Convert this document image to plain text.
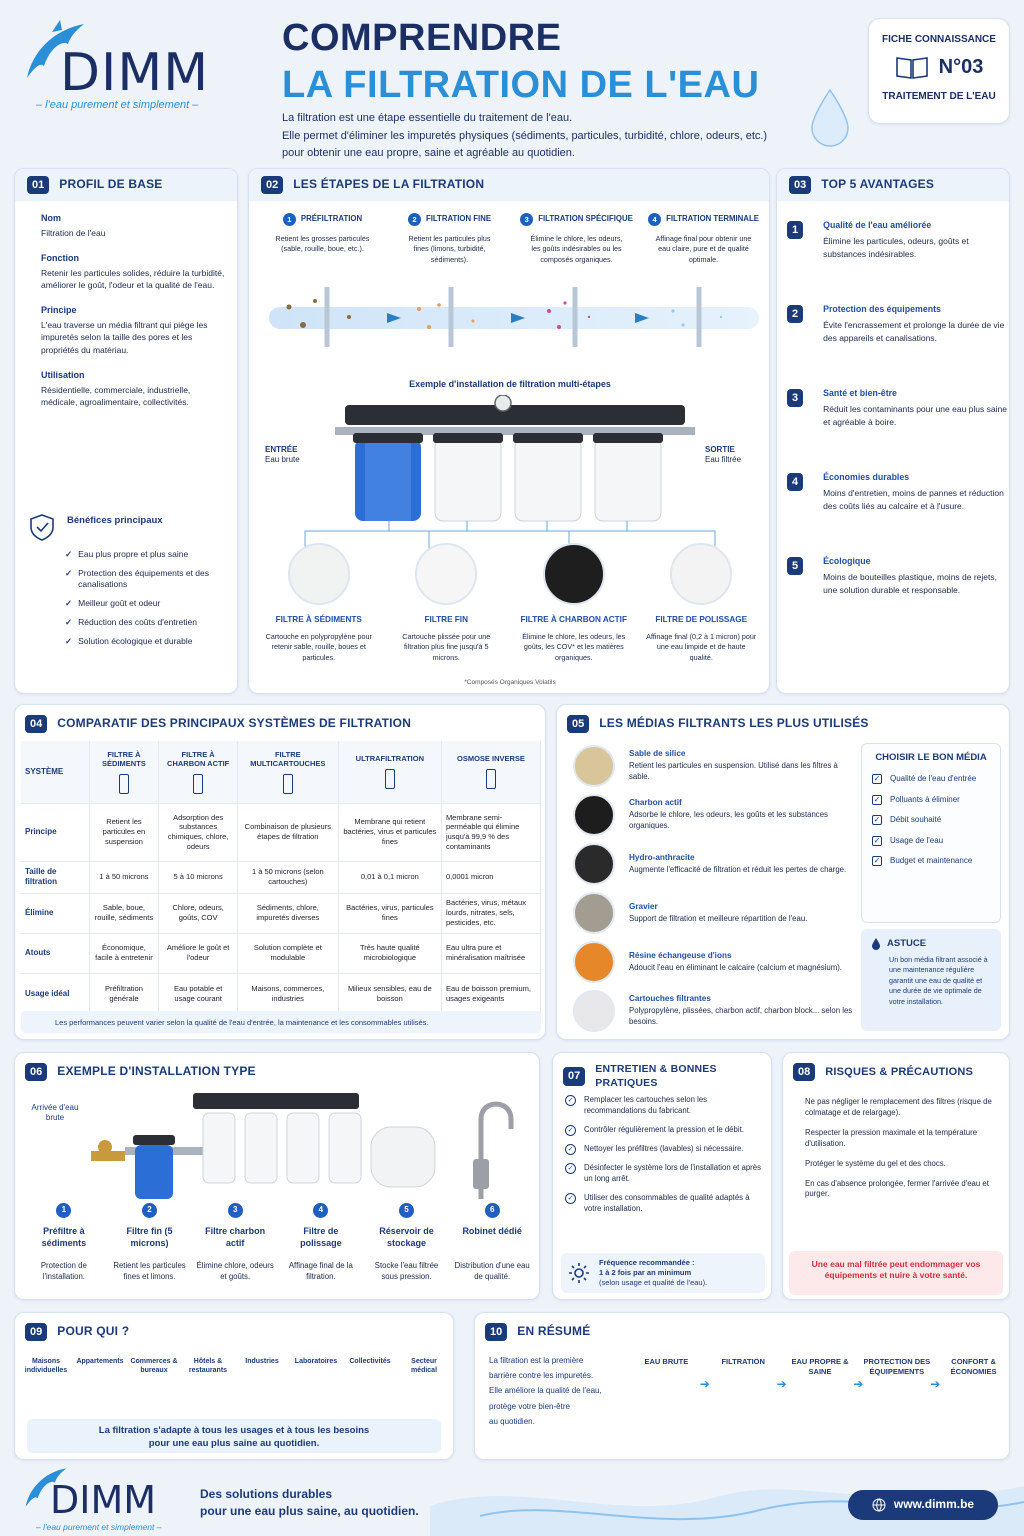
DIMM
– l'eau purement et simplement –
COMPRENDRE
LA FILTRATION DE L'EAU
La filtration est une étape essentielle du traitement de l'eau.
Elle permet d'éliminer les impuretés physiques (sédiments, particules, turbidité, chlore, odeurs, etc.)
pour obtenir une eau propre, saine et agréable au quotidien.
FICHE CONNAISSANCE
N°03
TRAITEMENT DE L'EAU
01	PROFIL DE BASE
Nom
Filtration de l'eau
Fonction
Retenir les particules solides, réduire la turbidité, améliorer le goût, l'odeur et la qualité de l'eau.
Principe
L'eau traverse un média filtrant qui piège les impuretés selon la taille des pores et les propriétés du matériau.
Utilisation
Résidentielle, commerciale, industrielle, médicale, agroalimentaire, collectivités.
Bénéfices principaux
✓ Eau plus propre et plus saine
✓ Protection des équipements et des canalisations
✓ Meilleur goût et odeur
✓ Réduction des coûts d'entretien
✓ Solution écologique et durable
02	LES ÉTAPES DE LA FILTRATION
1	PRÉFILTRATION
Retient les grosses particules (sable, rouille, boue, etc.).
2	FILTRATION FINE
Retient les particules plus fines (limons, turbidité, sédiments).
3	FILTRATION SPÉCIFIQUE
Élimine le chlore, les odeurs, les goûts indésirables ou les composés organiques.
4	FILTRATION TERMINALE
Affinage final pour obtenir une eau claire, pure et de qualité optimale.
Exemple d'installation de filtration multi-étapes
ENTRÉE
Eau brute
SORTIE
Eau filtrée
FILTRE À SÉDIMENTS
Cartouche en polypropylène pour retenir sable, rouille, boues et particules.
FILTRE FIN
Cartouche plissée pour une filtration plus fine jusqu'à 5 microns.
FILTRE À CHARBON ACTIF
Élimine le chlore, les odeurs, les goûts, les COV* et les matières organiques.
FILTRE DE POLISSAGE
Affinage final (0,2 à 1 micron) pour une eau limpide et de haute qualité.
*Composés Organiques Volatils
03	TOP 5 AVANTAGES
1	Qualité de l'eau améliorée
Élimine les particules, odeurs, goûts et substances indésirables.
2	Protection des équipements
Évite l'encrassement et prolonge la durée de vie des appareils et canalisations.
3	Santé et bien-être
Réduit les contaminants pour une eau plus saine et agréable à boire.
4	Économies durables
Moins d'entretien, moins de pannes et réduction des coûts liés au calcaire et à l'usure.
5	Écologique
Moins de bouteilles plastique, moins de rejets, une solution durable et responsable.
04	COMPARATIF DES PRINCIPAUX SYSTÈMES DE FILTRATION
SYSTÈME	FILTRE À SÉDIMENTS	FILTRE À CHARBON ACTIF	FILTRE MULTICARTOUCHES	ULTRAFILTRATION	OSMOSE INVERSE

Principe	Retient les particules en suspension	Adsorption des substances chimiques, chlore, odeurs	Combinaison de plusieurs étapes de filtration	Membrane qui retient bactéries, virus et particules fines	Membrane semi-perméable qui élimine jusqu'à 99,9 % des contaminants
Taille de filtration	1 à 50 microns	5 à 10 microns	1 à 50 microns (selon cartouches)	0,01 à 0,1 micron	0,0001 micron
Élimine	Sable, boue, rouille, sédiments	Chlore, odeurs, goûts, COV	Sédiments, chlore, impuretés diverses	Bactéries, virus, particules fines	Bactéries, virus, métaux lourds, nitrates, sels, pesticides, etc.
Atouts	Économique, facile à entretenir	Améliore le goût et l'odeur	Solution complète et modulable	Très haute qualité microbiologique	Eau ultra pure et minéralisation maîtrisée
Usage idéal	Préfiltration générale	Eau potable et usage courant	Maisons, commerces, industries	Milieux sensibles, eau de boisson	Eau de boisson premium, usages exigeants
Les performances peuvent varier selon la qualité de l'eau d'entrée, la maintenance et les consommables utilisés.
05	LES MÉDIAS FILTRANTS LES PLUS UTILISÉS
Sable de silice
Retient les particules en suspension. Utilisé dans les filtres à sable.
Charbon actif
Adsorbe le chlore, les odeurs, les goûts et les substances organiques.
Hydro-anthracite
Augmente l'efficacité de filtration et réduit les pertes de charge.
Gravier
Support de filtration et meilleure répartition de l'eau.
Résine échangeuse d'ions
Adoucit l'eau en éliminant le calcaire (calcium et magnésium).
Cartouches filtrantes
Polypropylène, plissées, charbon actif, charbon block... selon les besoins.
CHOISIR LE BON MÉDIA
✓ Qualité de l'eau d'entrée
✓ Polluants à éliminer
✓ Débit souhaité
✓ Usage de l'eau
✓ Budget et maintenance
ASTUCE
Un bon média filtrant associé à une maintenance régulière garantit une eau de qualité et une durée de vie optimale de votre installation.
06	EXEMPLE D'INSTALLATION TYPE
Arrivée d'eau brute
1
Préfiltre à sédiments
Protection de l'installation.
2
Filtre fin (5 microns)
Retient les particules fines et limons.
3
Filtre charbon actif
Élimine chlore, odeurs et goûts.
4
Filtre de polissage
Affinage final de la filtration.
5
Réservoir de stockage
Stocke l'eau filtrée sous pression.
6
Robinet dédié
Distribution d'une eau de qualité.
07
ENTRETIEN & BONNES PRATIQUES
✓	Remplacer les cartouches selon les recommandations du fabricant.
✓	Contrôler régulièrement la pression et le débit.
✓	Nettoyer les préfiltres (lavables) si nécessaire.
✓	Désinfecter le système lors de l'installation et après un long arrêt.
✓	Utiliser des consommables de qualité adaptés à votre installation.
Fréquence recommandée :
1 à 2 fois par an minimum
(selon usage et qualité de l'eau).
08	RISQUES & PRÉCAUTIONS
Ne pas négliger le remplacement des filtres (risque de colmatage et de relargage).
Respecter la pression maximale et la température d'utilisation.
Protéger le système du gel et des chocs.
En cas d'absence prolongée, fermer l'arrivée d'eau et purger.
Une eau mal filtrée peut endommager vos équipements et nuire à votre santé.
09	POUR QUI ?
Maisons individuelles
Appartements Commerces & bureaux
Hôtels & restaurants
Industries	Laboratoires	Collectivités	Secteur médical
La filtration s'adapte à tous les usages et à tous les besoins
pour une eau plus saine au quotidien.
10	EN RÉSUMÉ
La filtration est la première
barrière contre les impuretés.
Elle améliore la qualité de l'eau,
protège votre bien-être
au quotidien.
EAU BRUTE
➔
FILTRATION
➔
EAU PROPRE & SAINE
➔
PROTECTION DES ÉQUIPEMENTS
➔
CONFORT & ÉCONOMIES
DIMM
– l'eau purement et simplement –
Des solutions durables
pour une eau plus saine, au quotidien.	www.dimm.be
